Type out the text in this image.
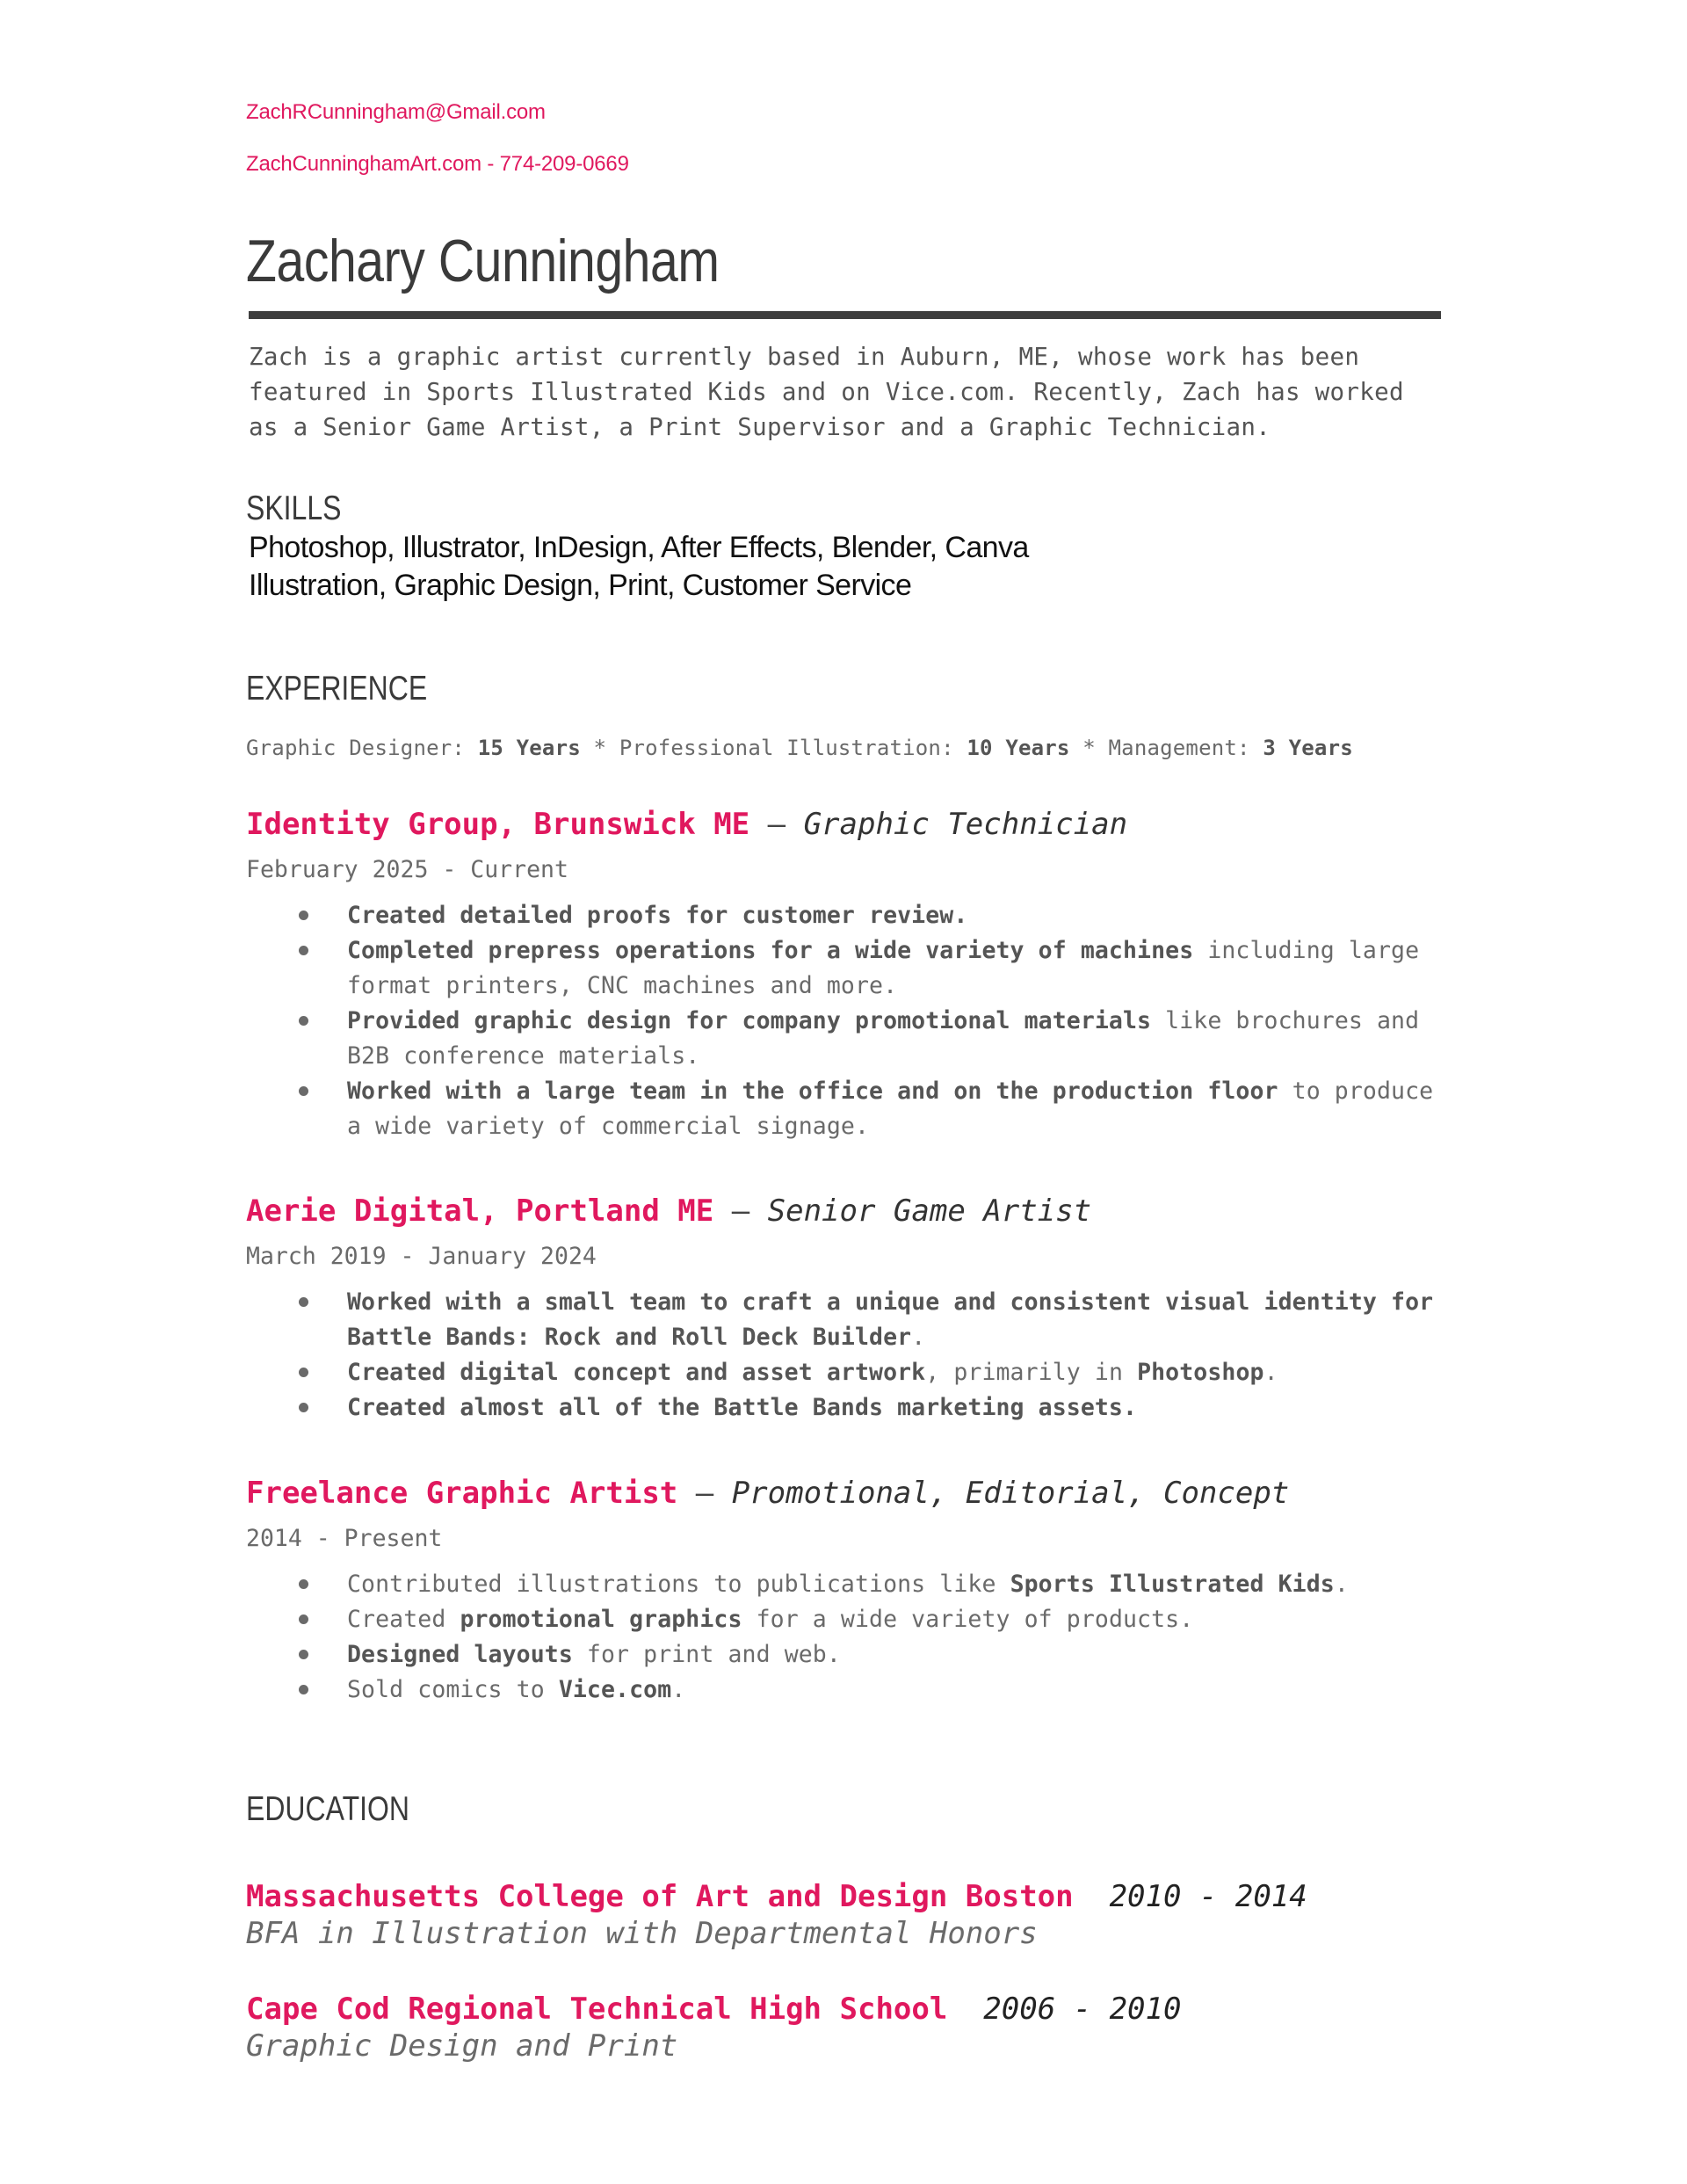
ZachRCunningham@Gmail.com
ZachCunninghamArt.com - 774-209-0669
Zachary Cunningham
Zach is a graphic artist currently based in Auburn, ME, whose work has been featured in Sports Illustrated Kids and on Vice.com. Recently, Zach has worked as a Senior Game Artist, a Print Supervisor and a Graphic Technician.
SKILLS
Photoshop, Illustrator, InDesign, After Effects, Blender, Canva
Illustration, Graphic Design, Print, Customer Service
EXPERIENCE
Graphic Designer: 15 Years * Professional Illustration: 10 Years * Management: 3 Years
Identity Group, Brunswick ME – Graphic Technician
February 2025 - Current
Created detailed proofs for customer review.
Completed prepress operations for a wide variety of machines including large format printers, CNC machines and more.
Provided graphic design for company promotional materials like brochures and B2B conference materials.
Worked with a large team in the office and on the production floor to produce a wide variety of commercial signage.
Aerie Digital, Portland ME – Senior Game Artist
March 2019 - January 2024
Worked with a small team to craft a unique and consistent visual identity for Battle Bands: Rock and Roll Deck Builder.
Created digital concept and asset artwork, primarily in Photoshop.
Created almost all of the Battle Bands marketing assets.
Freelance Graphic Artist – Promotional, Editorial, Concept
2014 - Present
Contributed illustrations to publications like Sports Illustrated Kids.
Created promotional graphics for a wide variety of products.
Designed layouts for print and web.
Sold comics to Vice.com.
EDUCATION
Massachusetts College of Art and Design Boston 2010 - 2014
BFA in Illustration with Departmental Honors
Cape Cod Regional Technical High School 2006 - 2010
Graphic Design and Print
